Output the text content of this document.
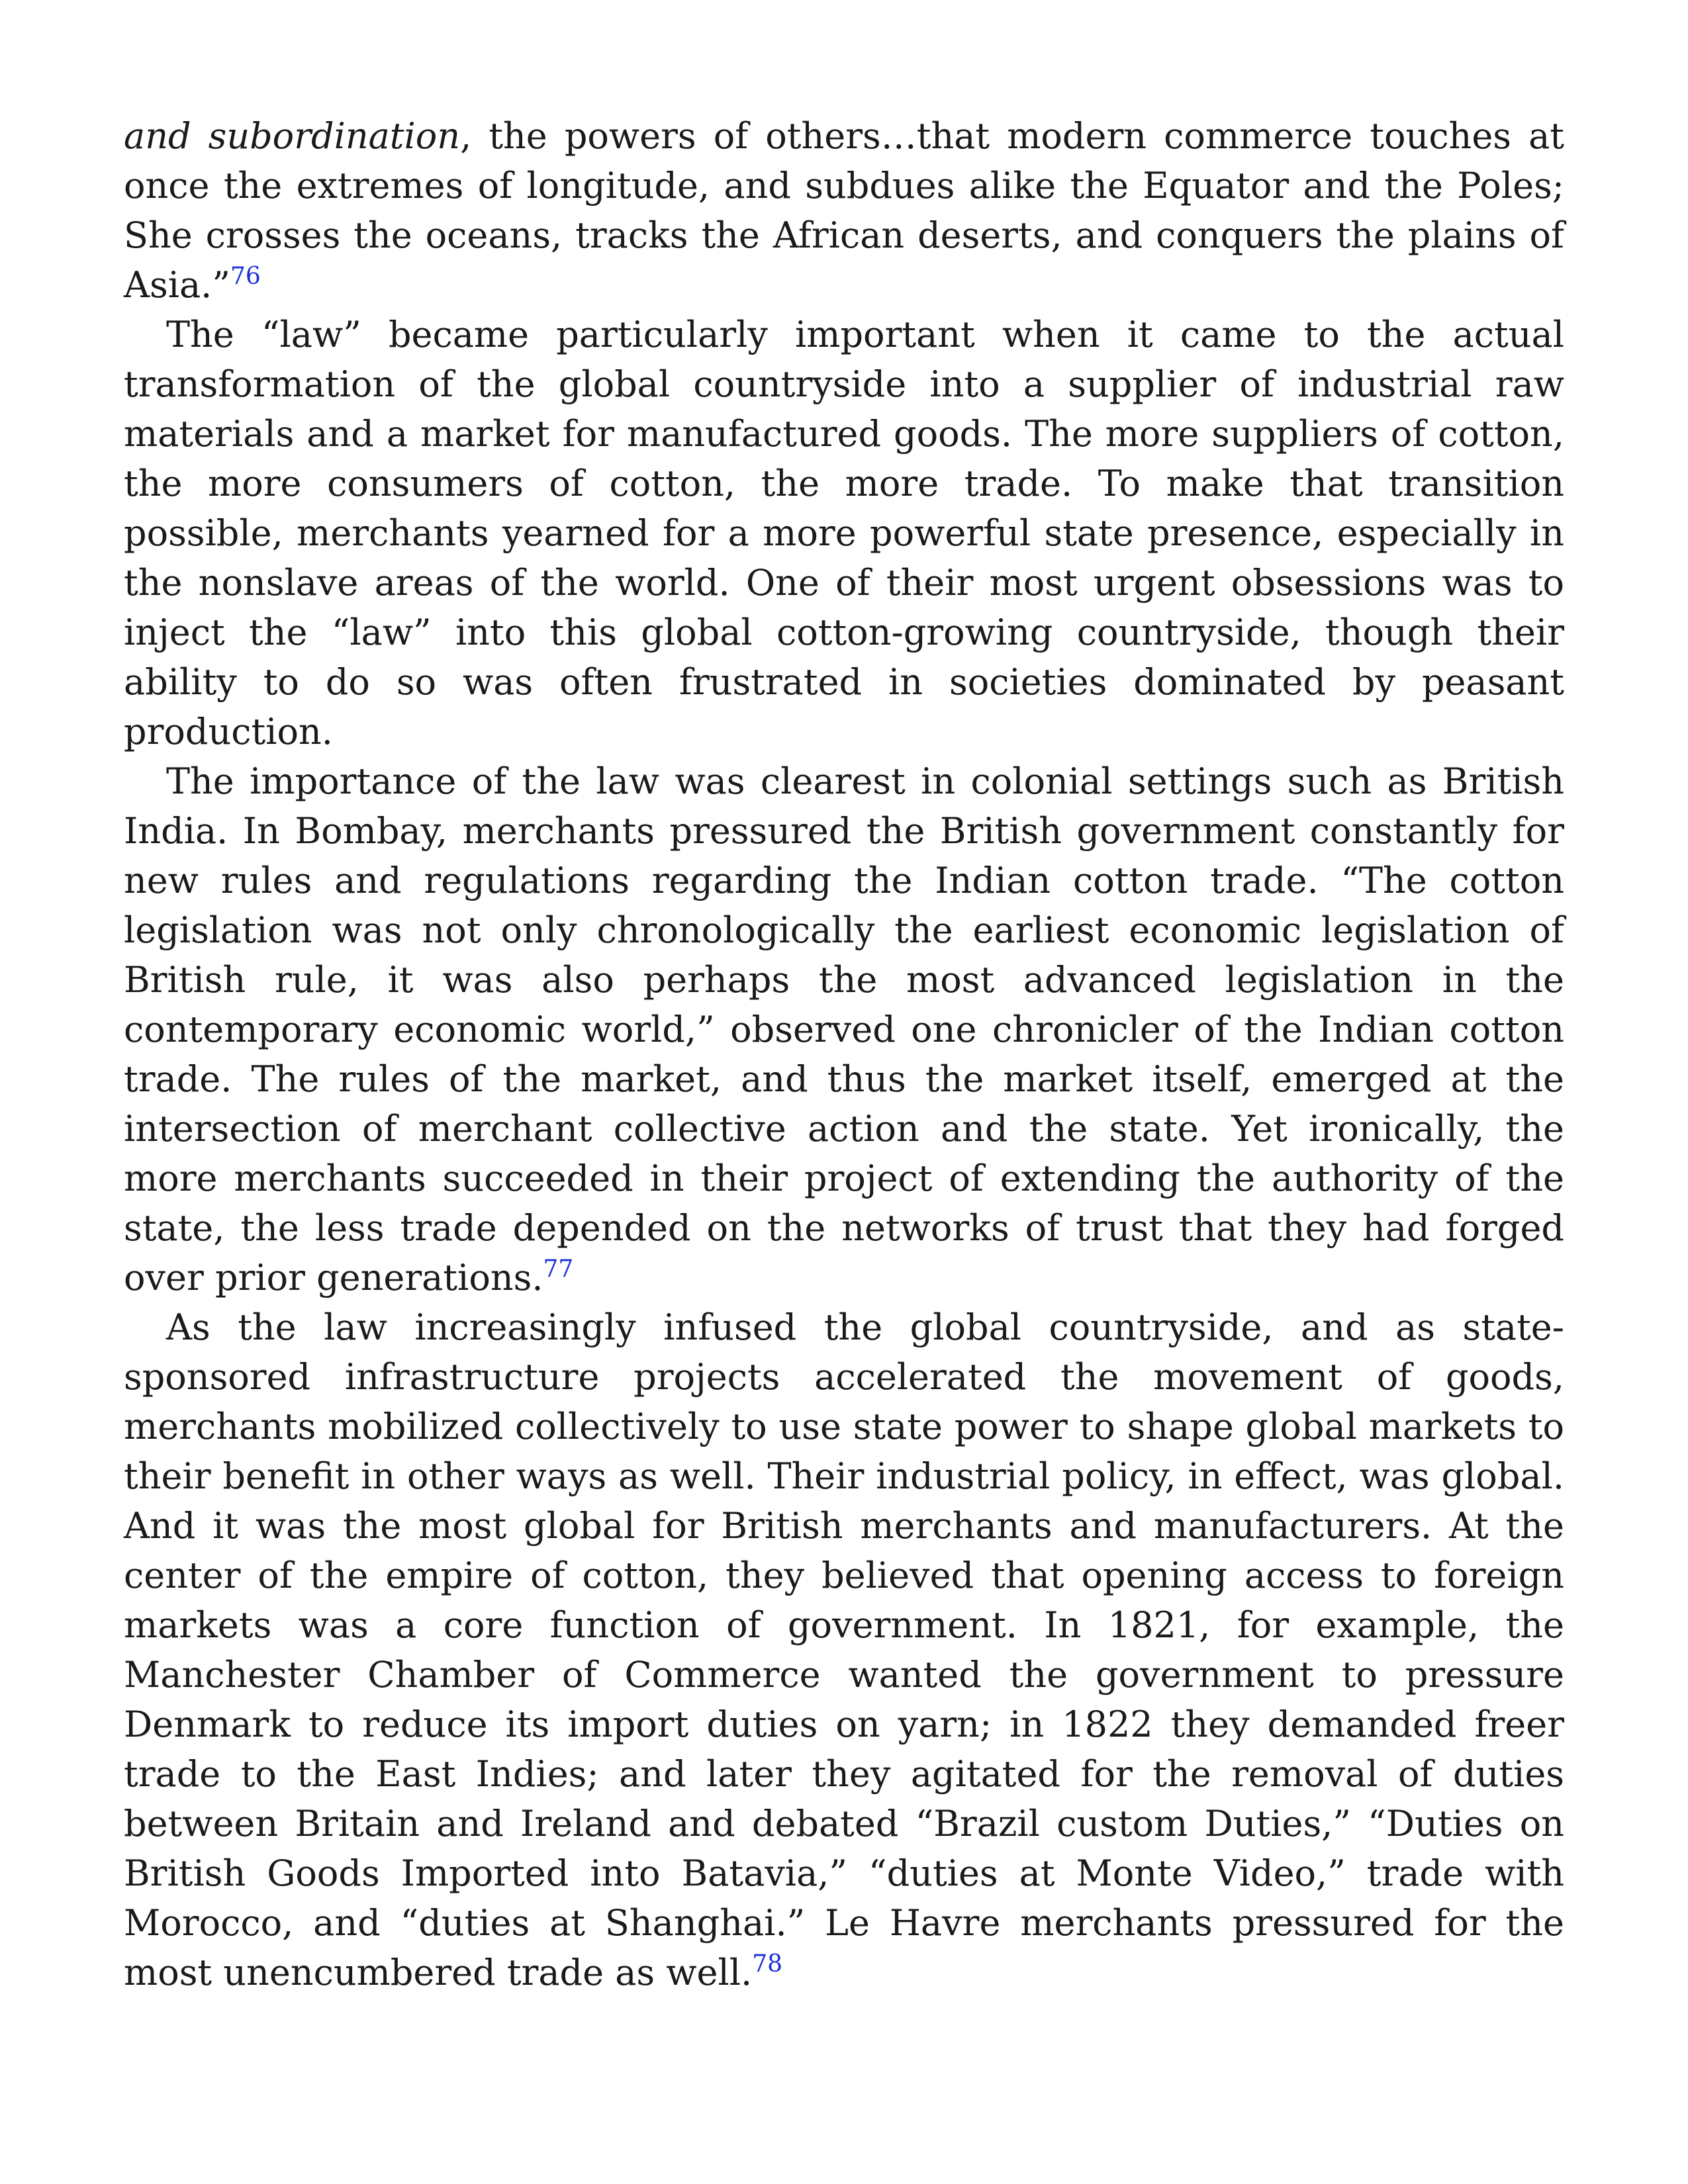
and subordination, the powers of others…that modern commerce touches at once the extremes of longitude, and subdues alike the Equator and the Poles; She crosses the oceans, tracks the African deserts, and conquers the plains of Asia.”$^{76}$

The “law” became particularly important when it came to the actual transformation of the global countryside into a supplier of industrial raw materials and a market for manufactured goods. The more suppliers of cotton, the more consumers of cotton, the more trade. To make that transition possible, merchants yearned for a more powerful state presence, especially in the nonslave areas of the world. One of their most urgent obsessions was to inject the “law” into this global cotton-growing countryside, though their ability to do so was often frustrated in societies dominated by peasant production.

The importance of the law was clearest in colonial settings such as British India. In Bombay, merchants pressured the British government constantly for new rules and regulations regarding the Indian cotton trade. “The cotton legislation was not only chronologically the earliest economic legislation of British rule, it was also perhaps the most advanced legislation in the contemporary economic world,” observed one chronicler of the Indian cotton trade. The rules of the market, and thus the market itself, emerged at the intersection of merchant collective action and the state. Yet ironically, the more merchants succeeded in their project of extending the authority of the state, the less trade depended on the networks of trust that they had forged over prior generations.$^{77}$

As the law increasingly infused the global countryside, and as state-sponsored infrastructure projects accelerated the movement of goods, merchants mobilized collectively to use state power to shape global markets to their benefit in other ways as well. Their industrial policy, in effect, was global. And it was the most global for British merchants and manufacturers. At the center of the empire of cotton, they believed that opening access to foreign markets was a core function of government. In 1821, for example, the Manchester Chamber of Commerce wanted the government to pressure Denmark to reduce its import duties on yarn; in 1822 they demanded freer trade to the East Indies; and later they agitated for the removal of duties between Britain and Ireland and debated “Brazil custom Duties,” “Duties on British Goods Imported into Batavia,” “duties at Monte Video,” trade with Morocco, and “duties at Shanghai.” Le Havre merchants pressured for the most unencumbered trade as well.$^{78}$
